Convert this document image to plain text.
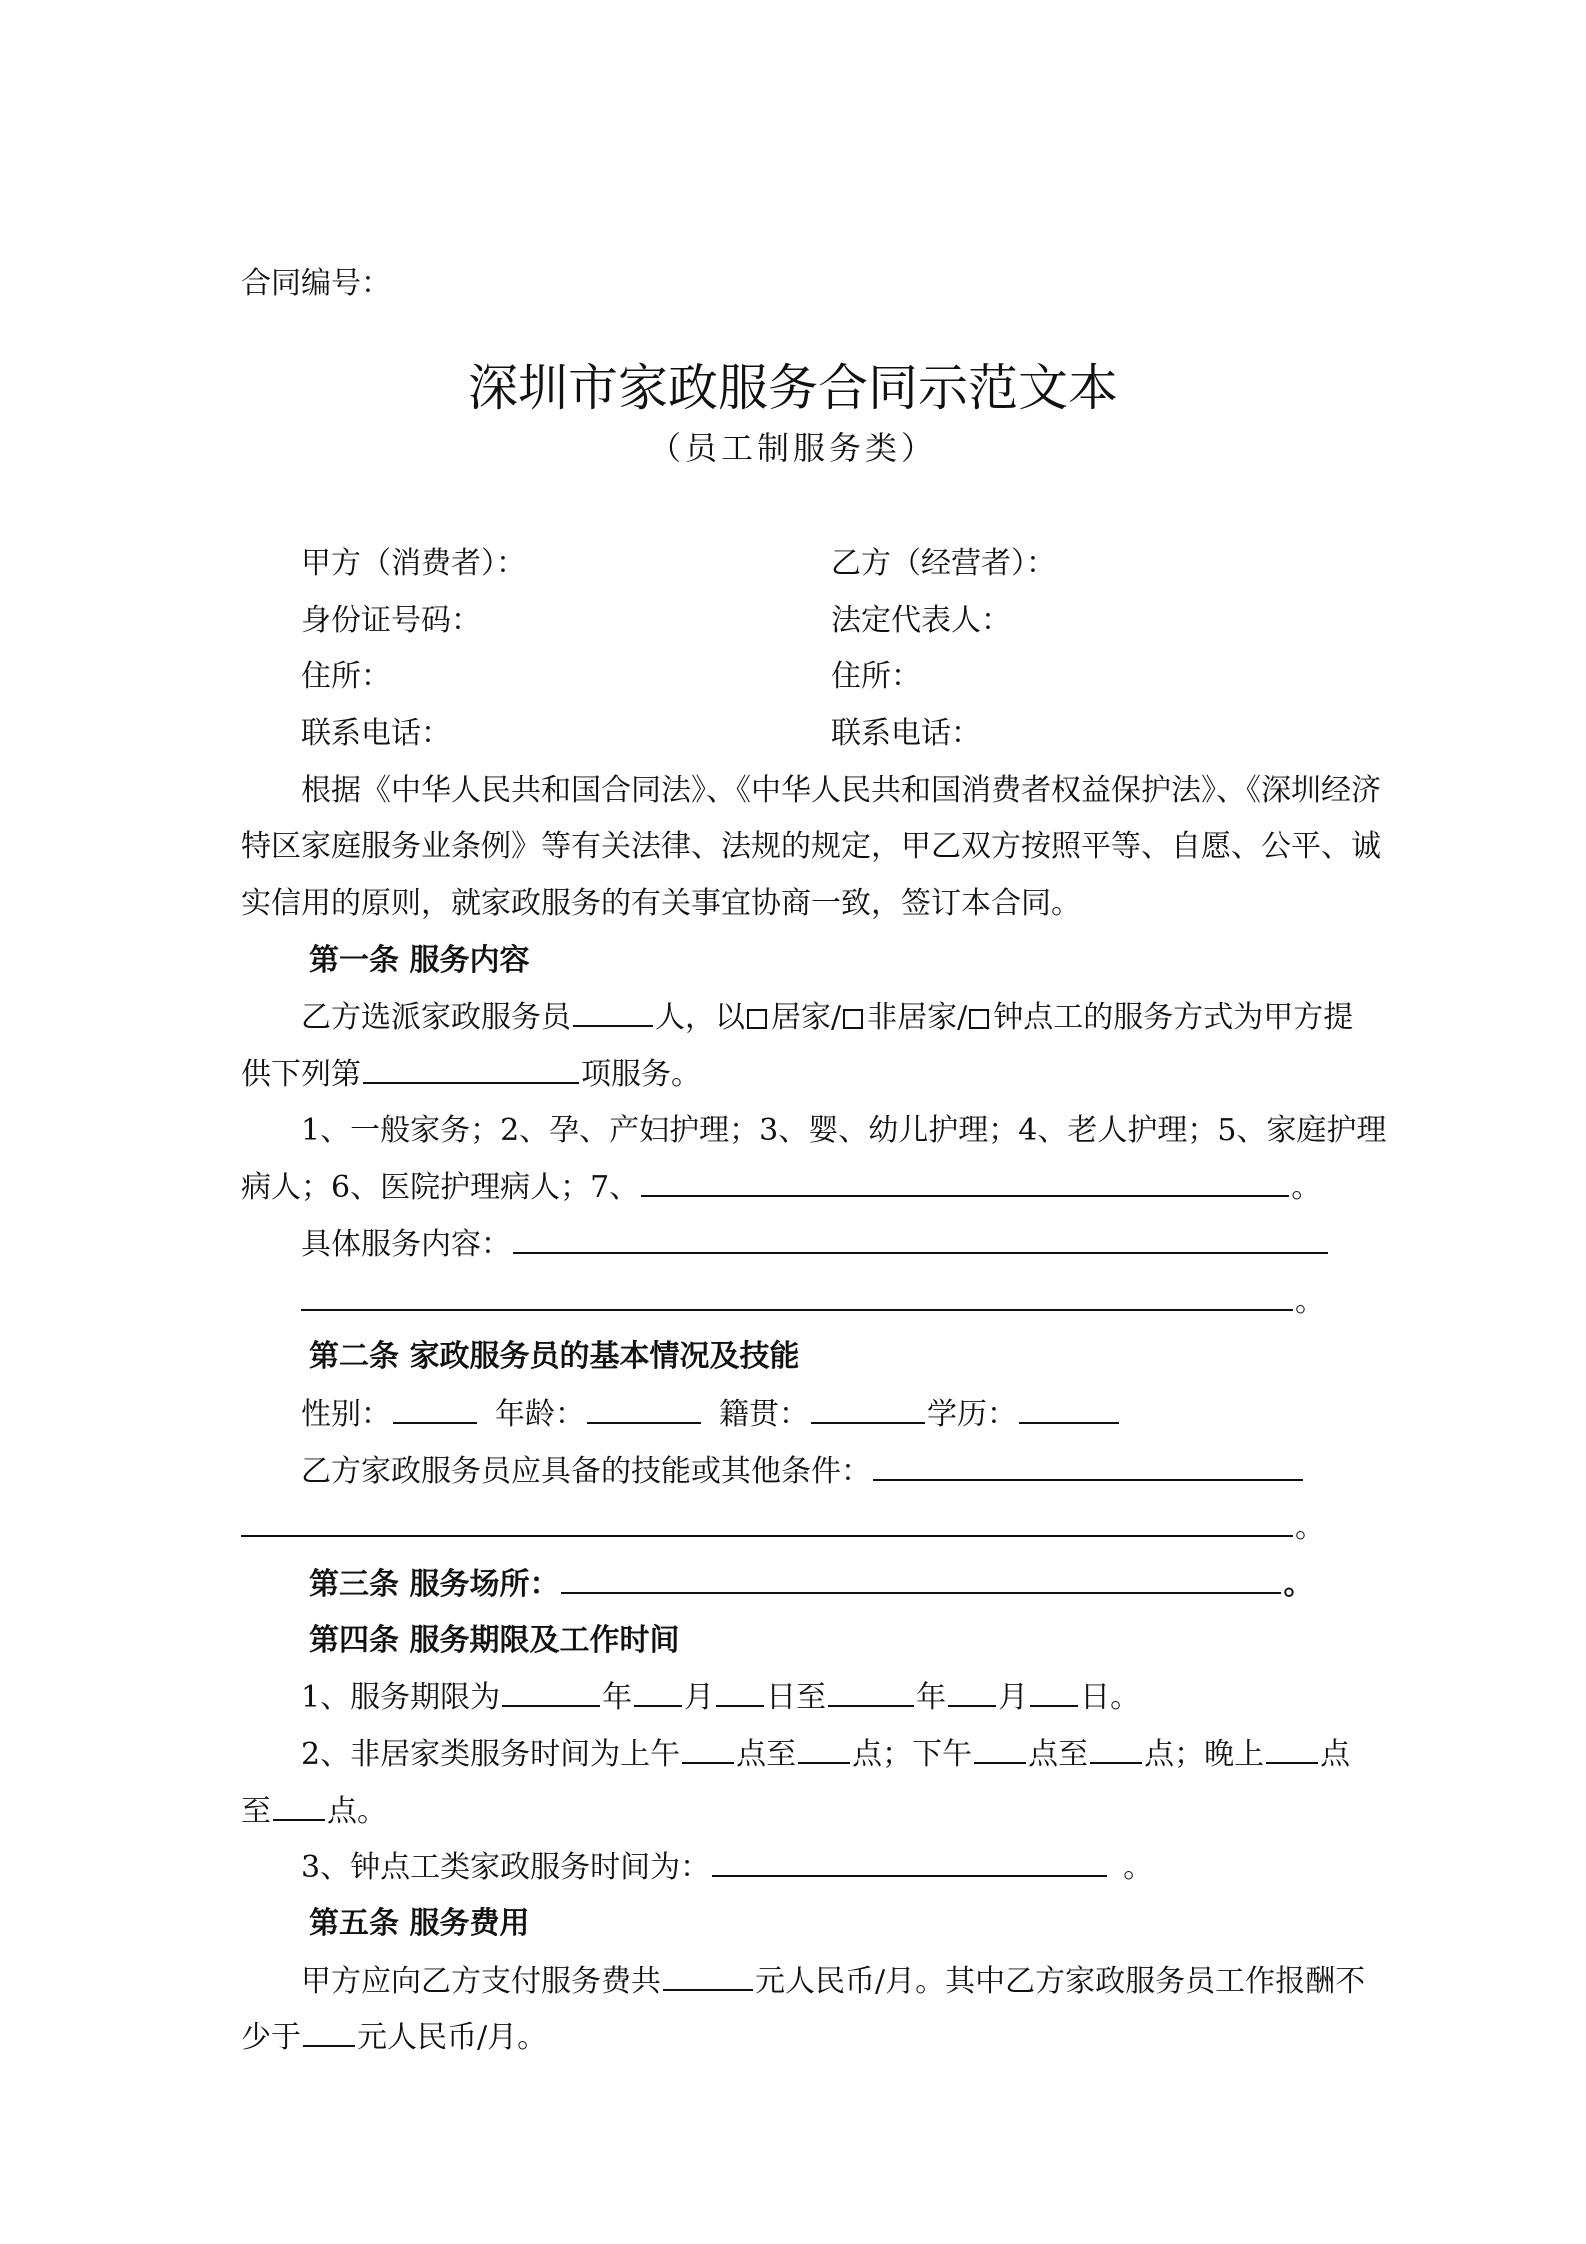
合同编号：
深圳市家政服务合同示范文本
（员工制服务类）
甲方（消费者）：	乙方（经营者）：
身份证号码：	法定代表人：
住所：	住所：
联系电话：	联系电话：
根据《中华人民共和国合同法》、《中华人民共和国消费者权益保护法》、《深圳经济
特区家庭服务业条例》等有关法律、法规的规定，甲乙双方按照平等、自愿、公平、诚
实信用的原则，就家政服务的有关事宜协商一致，签订本合同。
第一条 服务内容
乙方选派家政服务员	人，以 居家/ 非居家/ 钟点工的服务方式为甲方提
供下列第	项服务。
1、一般家务；2、孕、产妇护理；3、婴、幼儿护理；4、老人护理；5、家庭护理
病人；6、医院护理病人；7、	。
具体服务内容：
。
第二条 家政服务员的基本情况及技能
性别：	年龄：	籍贯：	学历：
乙方家政服务员应具备的技能或其他条件：
。
第三条 服务场所：	。
第四条 服务期限及工作时间
1、服务期限为	年 月 日至	年 月 日。
2、非居家类服务时间为上午 点至 点；下午 点至 点；晚上 点
至 点。
3、钟点工类家政服务时间为：	。
第五条 服务费用
甲方应向乙方支付服务费共	元人民币/月。其中乙方家政服务员工作报酬不
少于 元人民币/月。
